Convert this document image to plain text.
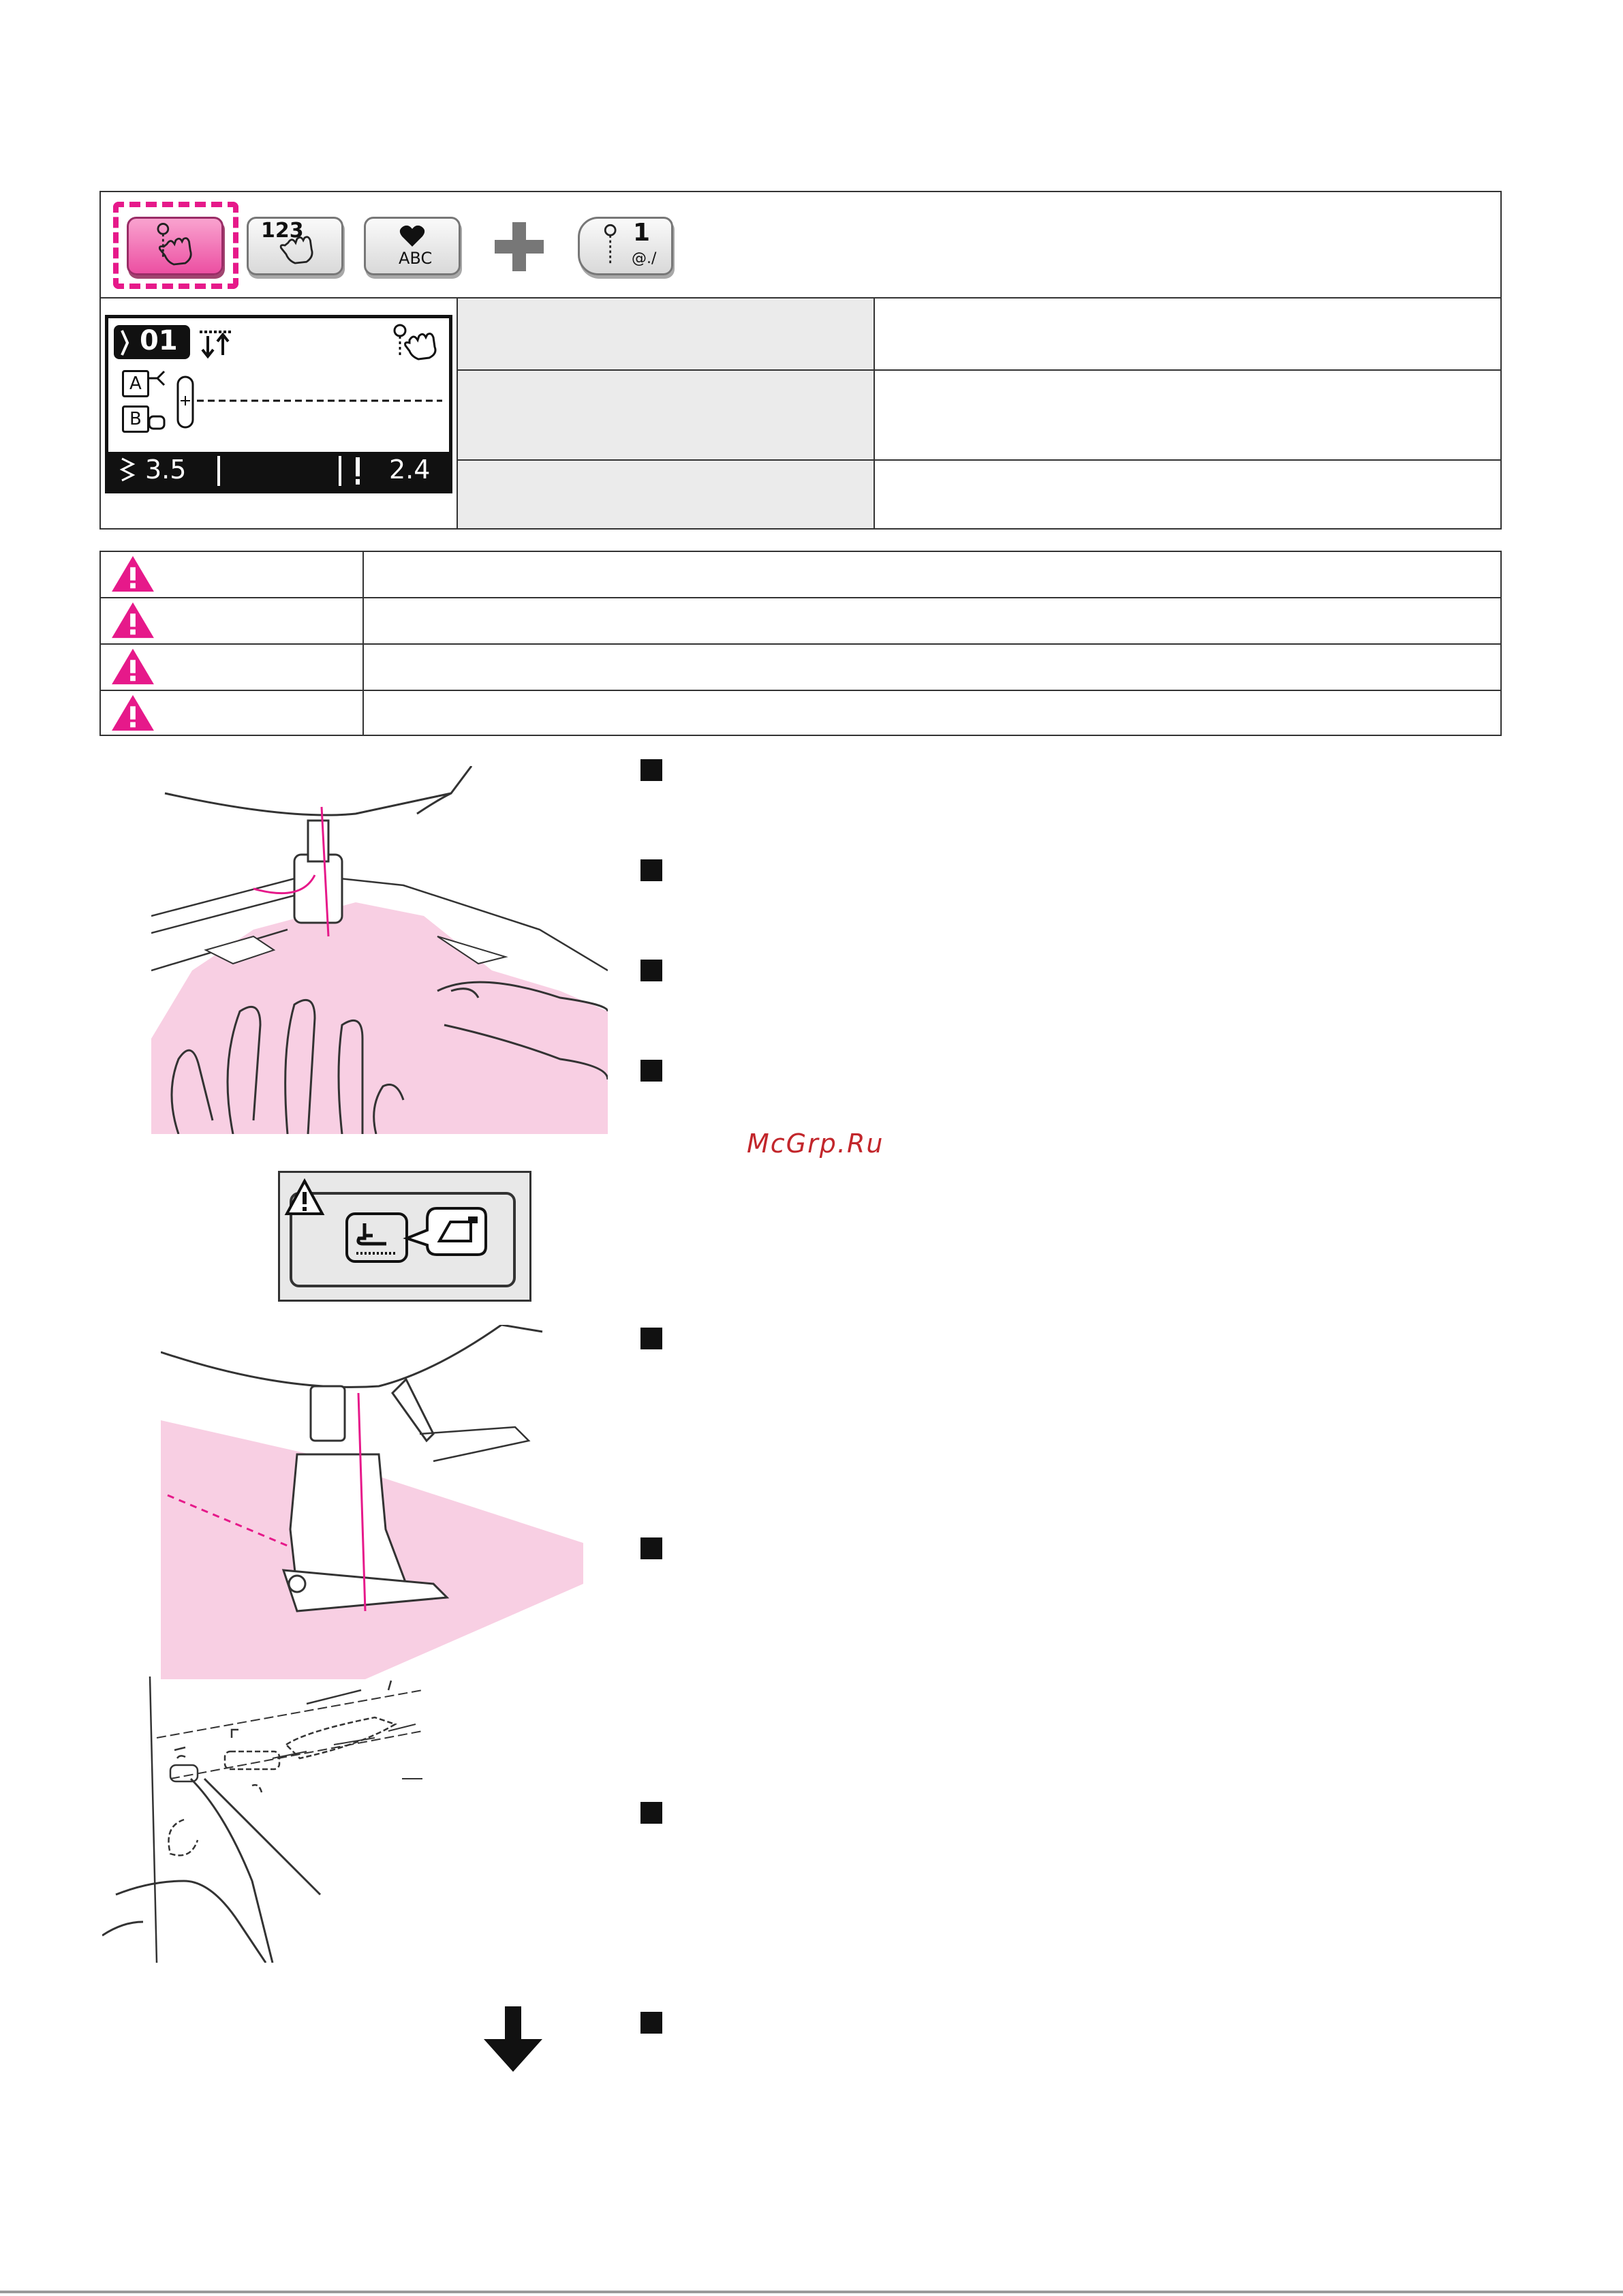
123
ABC
1
@./
01
A
B
3.5	2.4
McGrp.Ru
